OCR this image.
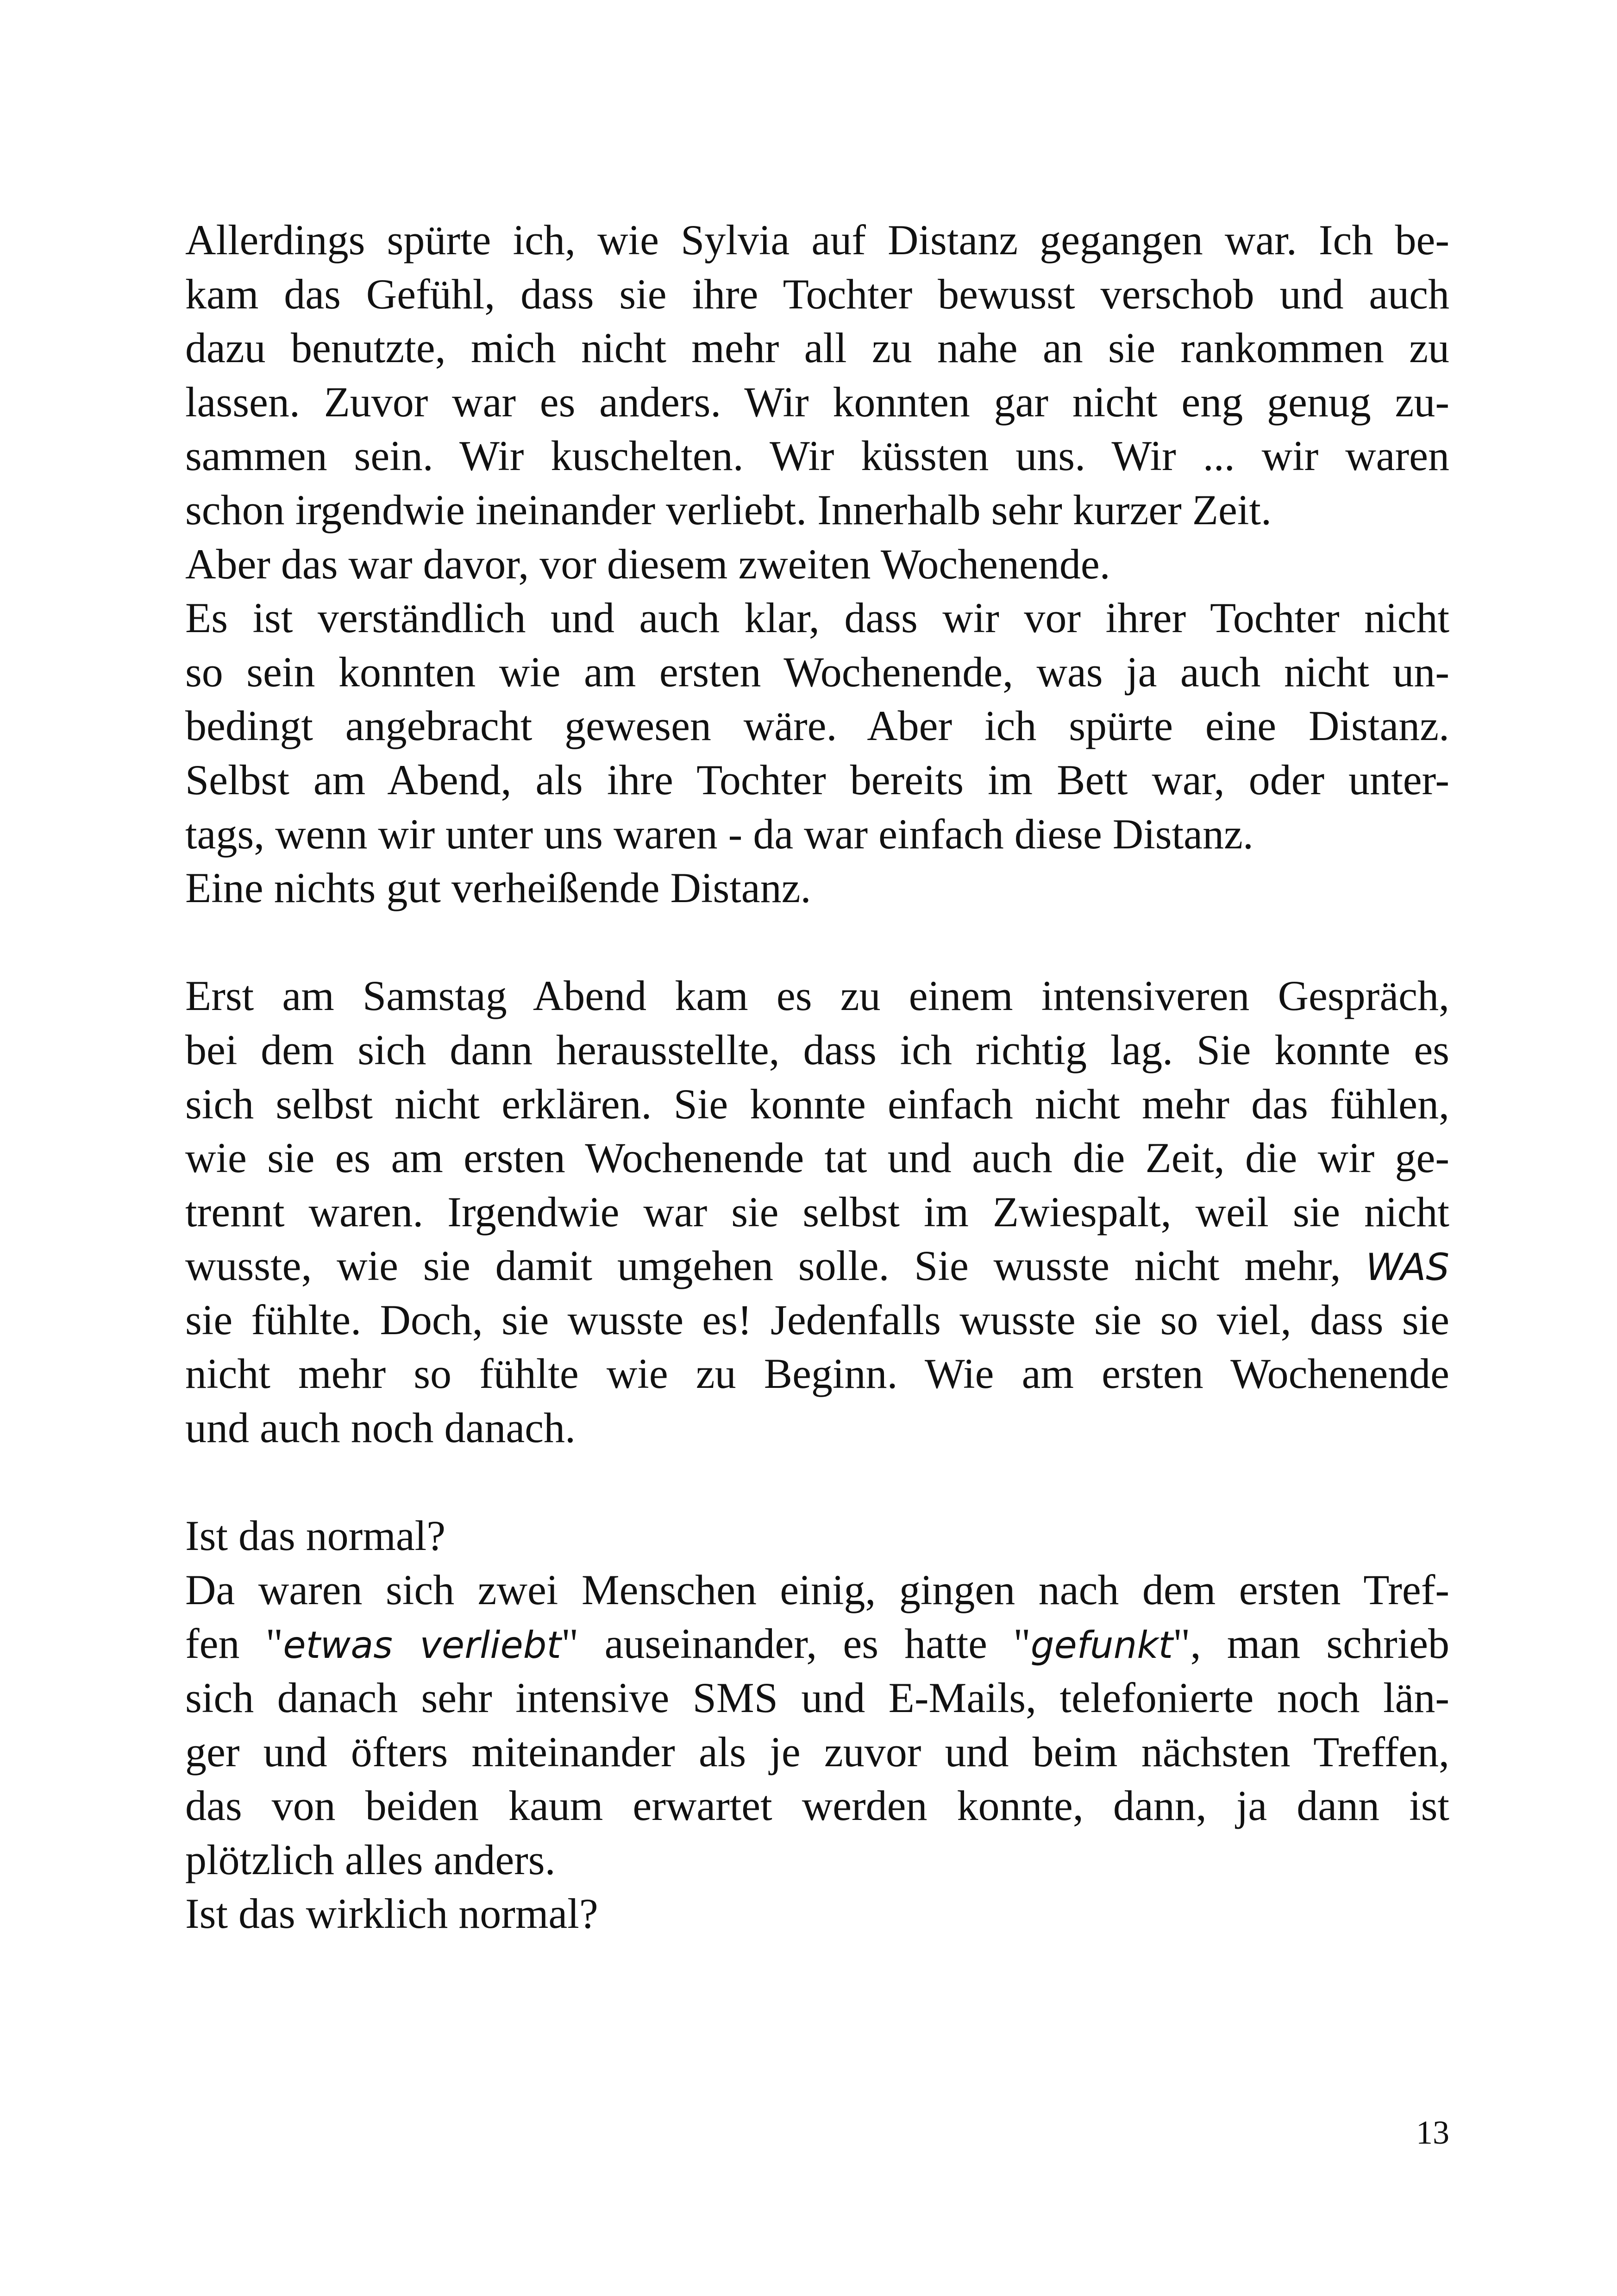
Allerdings spürte ich, wie Sylvia auf Distanz gegangen war. Ich be-
kam das Gefühl, dass sie ihre Tochter bewusst verschob und auch
dazu benutzte, mich nicht mehr all zu nahe an sie rankommen zu
lassen. Zuvor war es anders. Wir konnten gar nicht eng genug zu-
sammen sein. Wir kuschelten. Wir küssten uns. Wir ... wir waren
schon irgendwie ineinander verliebt. Innerhalb sehr kurzer Zeit.
Aber das war davor, vor diesem zweiten Wochenende.
Es ist verständlich und auch klar, dass wir vor ihrer Tochter nicht
so sein konnten wie am ersten Wochenende, was ja auch nicht un-
bedingt angebracht gewesen wäre. Aber ich spürte eine Distanz.
Selbst am Abend, als ihre Tochter bereits im Bett war, oder unter-
tags, wenn wir unter uns waren - da war einfach diese Distanz.
Eine nichts gut verheißende Distanz.
Erst am Samstag Abend kam es zu einem intensiveren Gespräch,
bei dem sich dann herausstellte, dass ich richtig lag. Sie konnte es
sich selbst nicht erklären. Sie konnte einfach nicht mehr das fühlen,
wie sie es am ersten Wochenende tat und auch die Zeit, die wir ge-
trennt waren. Irgendwie war sie selbst im Zwiespalt, weil sie nicht
wusste, wie sie damit umgehen solle. Sie wusste nicht mehr, WAS
sie fühlte. Doch, sie wusste es! Jedenfalls wusste sie so viel, dass sie
nicht mehr so fühlte wie zu Beginn. Wie am ersten Wochenende
und auch noch danach.
Ist das normal?
Da waren sich zwei Menschen einig, gingen nach dem ersten Tref-
fen "etwas verliebt" auseinander, es hatte "gefunkt", man schrieb
sich danach sehr intensive SMS und E-Mails, telefonierte noch län-
ger und öfters miteinander als je zuvor und beim nächsten Treffen,
das von beiden kaum erwartet werden konnte, dann, ja dann ist
plötzlich alles anders.
Ist das wirklich normal?
13
